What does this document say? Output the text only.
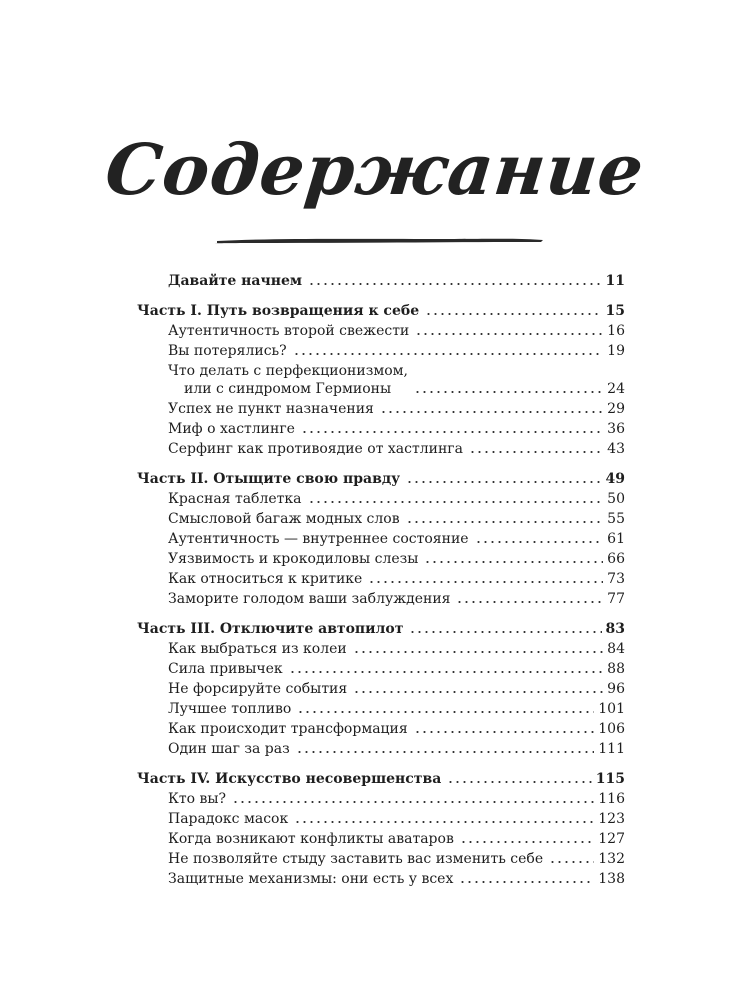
Содержание
Давайте начнем	11
Часть I. Путь возвращения к себе	15
Аутентичность второй свежести	16
Вы потерялись?	19
Что делать с перфекционизмом,
или с синдромом Гермионы	24
Успех не пункт назначения	29
Миф о хастлинге	36
Серфинг как противоядие от хастлинга	43
Часть II. Отыщите свою правду	49
Красная таблетка	50
Смысловой багаж модных слов	55
Аутентичность — внутреннее состояние	61
Уязвимость и крокодиловы слезы	66
Как относиться к критике	73
Заморите голодом ваши заблуждения	77
Часть III. Отключите автопилот	83
Как выбраться из колеи	84
Сила привычек	88
Не форсируйте события	96
Лучшее топливо	101
Как происходит трансформация	106
Один шаг за раз	111
Часть IV. Искусство несовершенства	115
Кто вы?	116
Парадокс масок	123
Когда возникают конфликты аватаров	127
Не позволяйте стыду заставить вас изменить себе	132
Защитные механизмы: они есть у всех	138
